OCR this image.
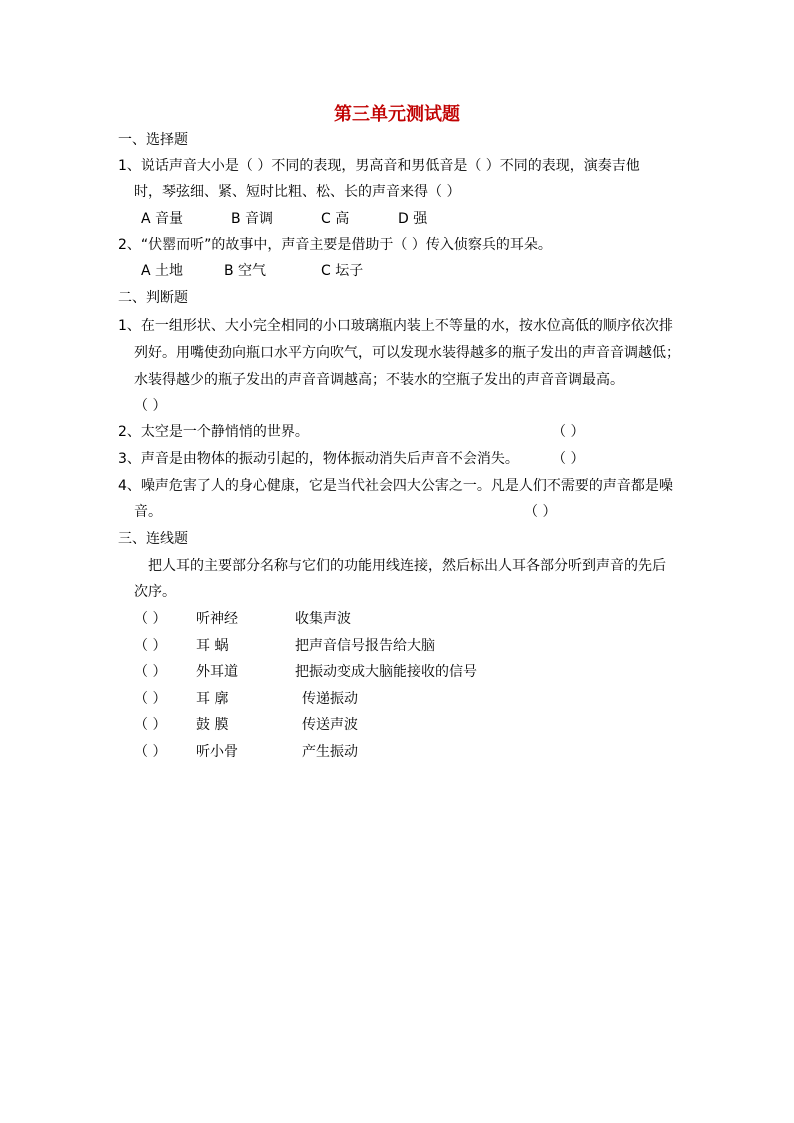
第三单元测试题
一、选择题
1、说话声音大小是（ ）不同的表现，男高音和男低音是（ ）不同的表现，演奏吉他
时，琴弦细、紧、短时比粗、松、长的声音来得（ ）
A 音量	B 音调	C 高	D 强
2、“伏罂而听”的故事中，声音主要是借助于（ ）传入侦察兵的耳朵。
A 土地	B 空气	C 坛子
二、判断题
1、在一组形状、大小完全相同的小口玻璃瓶内装上不等量的水，按水位高低的顺序依次排
列好。用嘴使劲向瓶口水平方向吹气，可以发现水装得越多的瓶子发出的声音音调越低；
水装得越少的瓶子发出的声音音调越高；不装水的空瓶子发出的声音音调最高。
（ ）
2、太空是一个静悄悄的世界。	（ ）
3、声音是由物体的振动引起的，物体振动消失后声音不会消失。 （ ）
4、噪声危害了人的身心健康，它是当代社会四大公害之一。凡是人们不需要的声音都是噪
音。	（ ）
三、连线题
把人耳的主要部分名称与它们的功能用线连接，然后标出人耳各部分听到声音的先后
次序。
（ ） 听神经	收集声波
（ ） 耳 蜗	把声音信号报告给大脑
（ ） 外耳道	把振动变成大脑能接收的信号
（ ） 耳 廓	传递振动
（ ） 鼓 膜	传送声波
（ ） 听小骨	产生振动
